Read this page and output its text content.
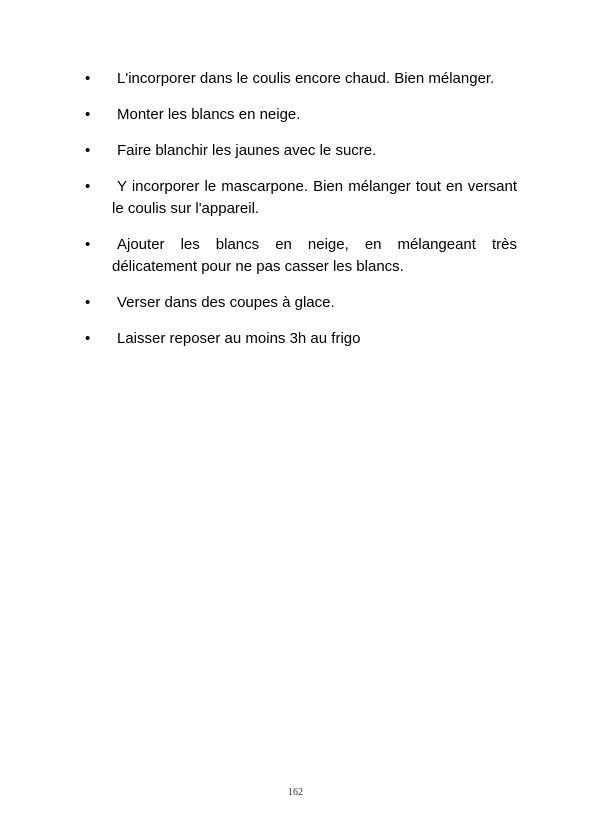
•	L'incorporer dans le coulis encore chaud. Bien mélanger.
•	Monter les blancs en neige.
•	Faire blanchir les jaunes avec le sucre.
•	Y incorporer le mascarpone. Bien mélanger tout en versant le coulis sur l'appareil.
•	Ajouter les blancs en neige, en mélangeant très délicatement pour ne pas casser les blancs.
•	Verser dans des coupes à glace.
•	Laisser reposer au moins 3h au frigo
162
